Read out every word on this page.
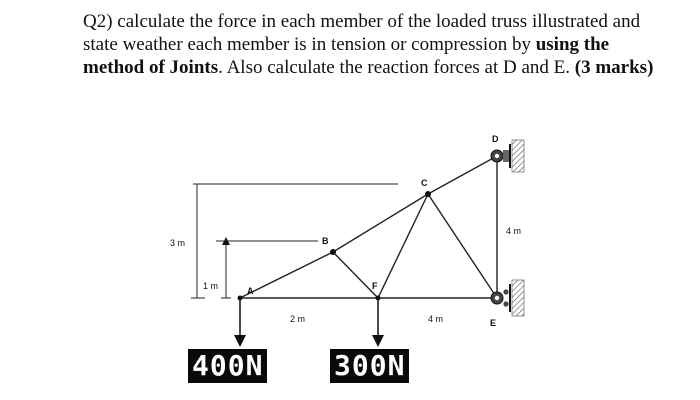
Q2) calculate the force in each member of the loaded truss illustrated and state weather each member is in tension or compression by using the method of Joints. Also calculate the reaction forces at D and E. (3 marks)
A
B
C
D
E
F
3 m
1 m
2 m	4 m
4 m
400N	300N
